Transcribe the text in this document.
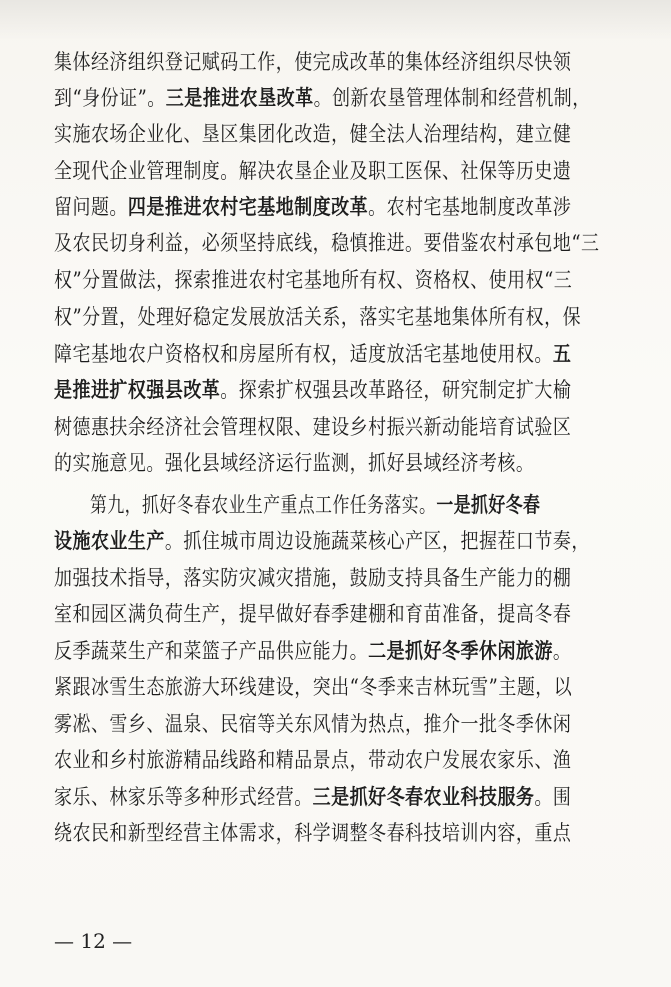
集体经济组织登记赋码工作，使完成改革的集体经济组织尽快领
到“身份证”。三是推进农垦改革。创新农垦管理体制和经营机制，
实施农场企业化、垦区集团化改造，健全法人治理结构，建立健
全现代企业管理制度。解决农垦企业及职工医保、社保等历史遗
留问题。四是推进农村宅基地制度改革。农村宅基地制度改革涉
及农民切身利益，必须坚持底线，稳慎推进。要借鉴农村承包地“三
权”分置做法，探索推进农村宅基地所有权、资格权、使用权“三
权”分置，处理好稳定发展放活关系，落实宅基地集体所有权，保
障宅基地农户资格权和房屋所有权，适度放活宅基地使用权。五
是推进扩权强县改革。探索扩权强县改革路径，研究制定扩大榆
树德惠扶余经济社会管理权限、建设乡村振兴新动能培育试验区
的实施意见。强化县域经济运行监测，抓好县域经济考核。
第九，抓好冬春农业生产重点工作任务落实。一是抓好冬春
设施农业生产。抓住城市周边设施蔬菜核心产区，把握茬口节奏，
加强技术指导，落实防灾减灾措施，鼓励支持具备生产能力的棚
室和园区满负荷生产，提早做好春季建棚和育苗准备，提高冬春
反季蔬菜生产和菜篮子产品供应能力。二是抓好冬季休闲旅游。
紧跟冰雪生态旅游大环线建设，突出“冬季来吉林玩雪”主题，以
雾凇、雪乡、温泉、民宿等关东风情为热点，推介一批冬季休闲
农业和乡村旅游精品线路和精品景点，带动农户发展农家乐、渔
家乐、林家乐等多种形式经营。三是抓好冬春农业科技服务。围
绕农民和新型经营主体需求，科学调整冬春科技培训内容，重点
— 12 —
